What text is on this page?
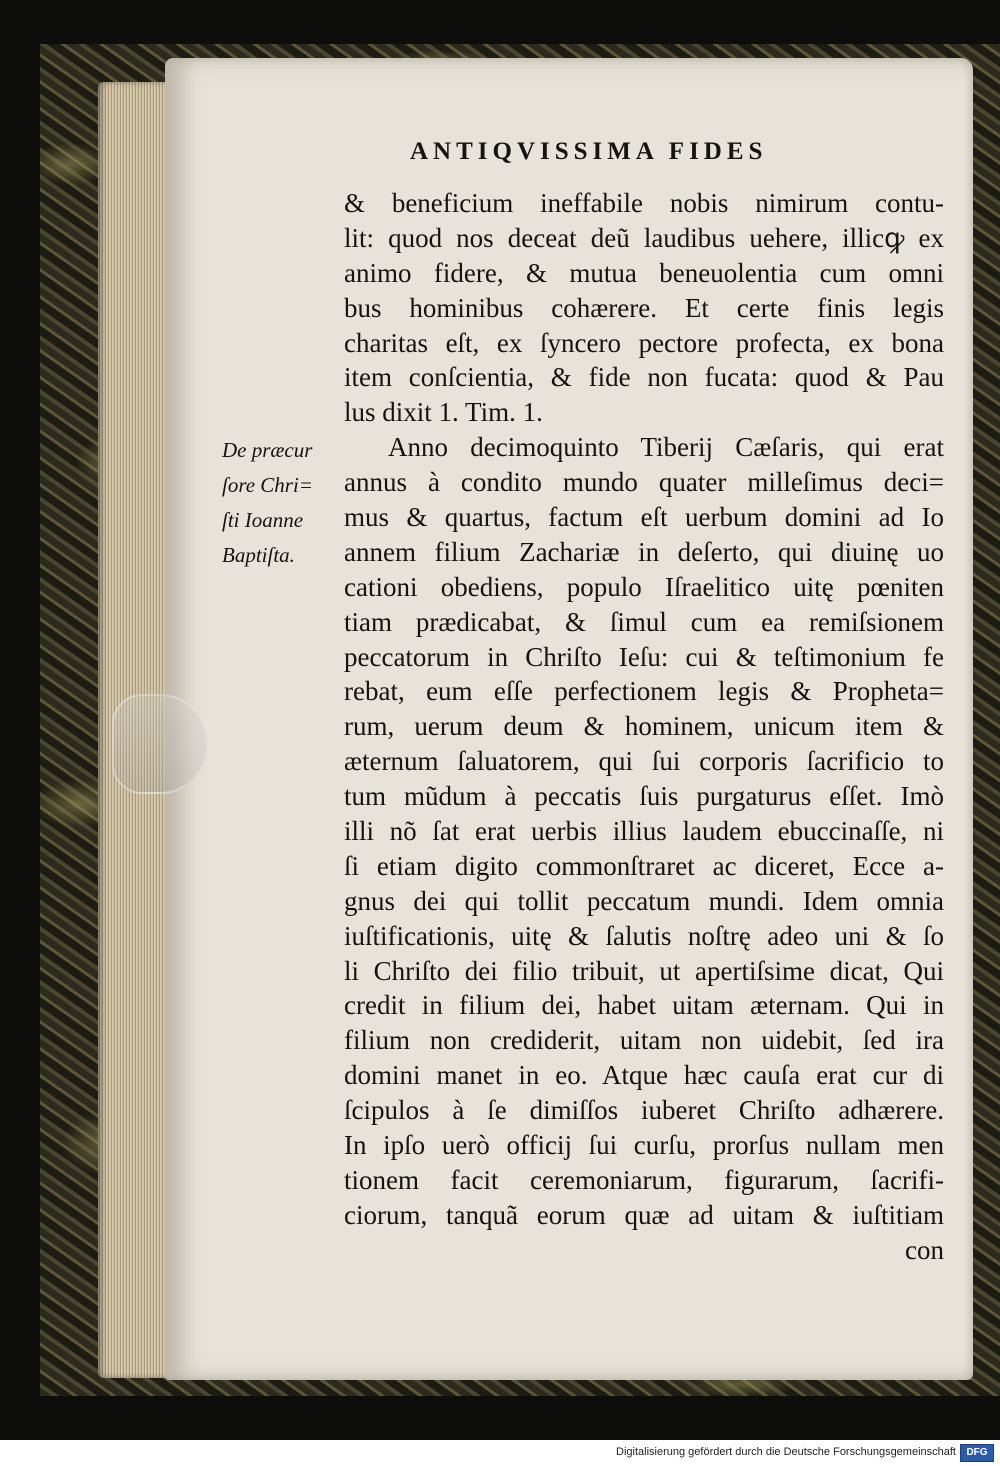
ANTIQVISSIMA FIDES
De præcur
ſore Chri=
ſti Ioanne
Baptiſta.
& beneficium ineffabile nobis nimirum contu-
lit: quod nos deceat deũ laudibus uehere, illicꝙ ex
animo fidere, & mutua beneuolentia cum omni
bus hominibus cohærere. Et certe finis legis
charitas eſt, ex ſyncero pectore profecta, ex bona
item conſcientia, & fide non fucata: quod & Pau
lus dixit 1. Tim. 1.
Anno decimoquinto Tiberij Cæſaris, qui erat
annus à condito mundo quater milleſimus deci=
mus & quartus, factum eſt uerbum domini ad Io
annem filium Zachariæ in deſerto, qui diuinę uo
cationi obediens, populo Iſraelitico uitę pœniten
tiam prædicabat, & ſimul cum ea remiſsionem
peccatorum in Chriſto Ieſu: cui & teſtimonium fe
rebat, eum eſſe perfectionem legis & Propheta=
rum, uerum deum & hominem, unicum item &
æternum ſaluatorem, qui ſui corporis ſacrificio to
tum mũdum à peccatis ſuis purgaturus eſſet. Imò
illi nõ ſat erat uerbis illius laudem ebuccinaſſe, ni
ſi etiam digito commonſtraret ac diceret, Ecce a-
gnus dei qui tollit peccatum mundi. Idem omnia
iuſtificationis, uitę & ſalutis noſtrę adeo uni & ſo
li Chriſto dei filio tribuit, ut apertiſsime dicat, Qui
credit in filium dei, habet uitam æternam. Qui in
filium non crediderit, uitam non uidebit, ſed ira
domini manet in eo. Atque hæc cauſa erat cur di
ſcipulos à ſe dimiſſos iuberet Chriſto adhærere.
In ipſo uerò officij ſui curſu, prorſus nullam men
tionem facit ceremoniarum, figurarum, ſacrifi-
ciorum, tanquã eorum quæ ad uitam & iuſtitiam
con
Digitalisierung gefördert durch die Deutsche Forschungsgemeinschaft	DFG
